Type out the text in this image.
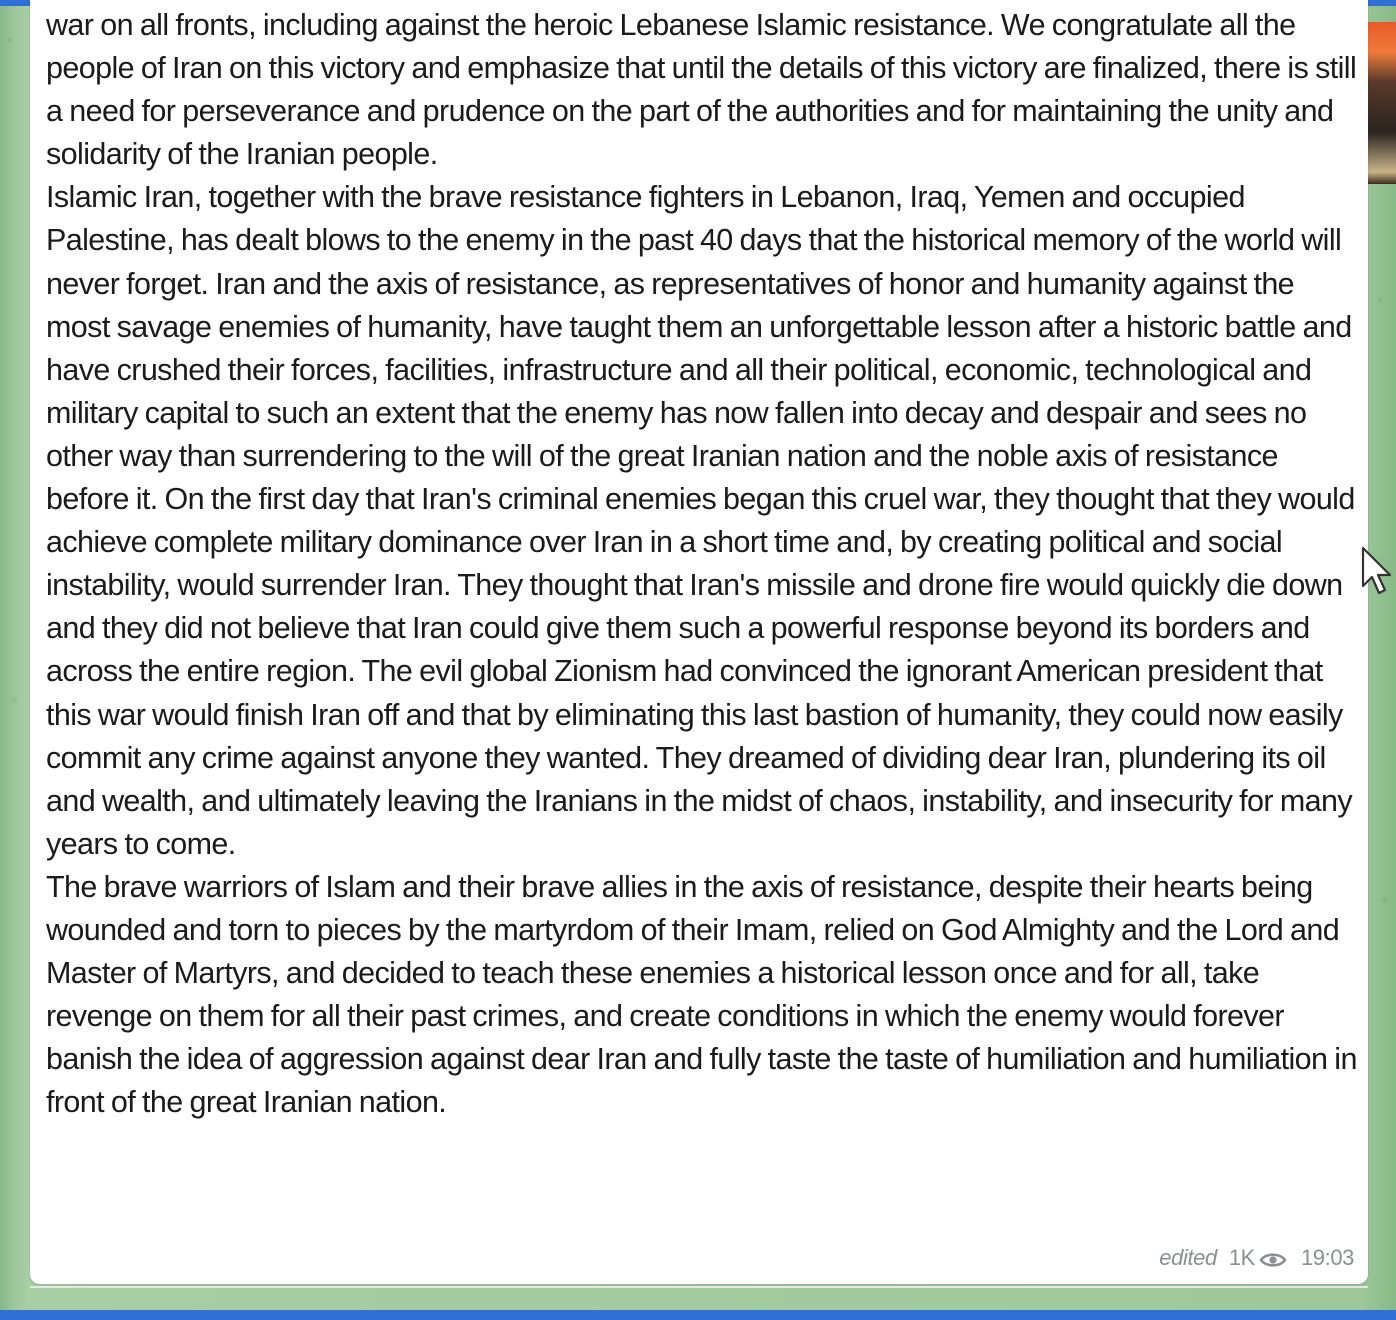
war on all fronts, including against the heroic Lebanese Islamic resistance. We congratulate all the people of Iran on this victory and emphasize that until the details of this victory are finalized, there is still a need for perseverance and prudence on the part of the authorities and for maintaining the unity and solidarity of the Iranian people.
Islamic Iran, together with the brave resistance fighters in Lebanon, Iraq, Yemen and occupied Palestine, has dealt blows to the enemy in the past 40 days that the historical memory of the world will never forget. Iran and the axis of resistance, as representatives of honor and humanity against the most savage enemies of humanity, have taught them an unforgettable lesson after a historic battle and have crushed their forces, facilities, infrastructure and all their political, economic, technological and military capital to such an extent that the enemy has now fallen into decay and despair and sees no other way than surrendering to the will of the great Iranian nation and the noble axis of resistance before it. On the first day that Iran's criminal enemies began this cruel war, they thought that they would achieve complete military dominance over Iran in a short time and, by creating political and social instability, would surrender Iran. They thought that Iran's missile and drone fire would quickly die down and they did not believe that Iran could give them such a powerful response beyond its borders and across the entire region. The evil global Zionism had convinced the ignorant American president that this war would finish Iran off and that by eliminating this last bastion of humanity, they could now easily commit any crime against anyone they wanted. They dreamed of dividing dear Iran, plundering its oil and wealth, and ultimately leaving the Iranians in the midst of chaos, instability, and insecurity for many years to come.
The brave warriors of Islam and their brave allies in the axis of resistance, despite their hearts being wounded and torn to pieces by the martyrdom of their Imam, relied on God Almighty and the Lord and Master of Martyrs, and decided to teach these enemies a historical lesson once and for all, take revenge on them for all their past crimes, and create conditions in which the enemy would forever banish the idea of aggression against dear Iran and fully taste the taste of humiliation and humiliation in front of the great Iranian nation.

edited 1K 19:03
